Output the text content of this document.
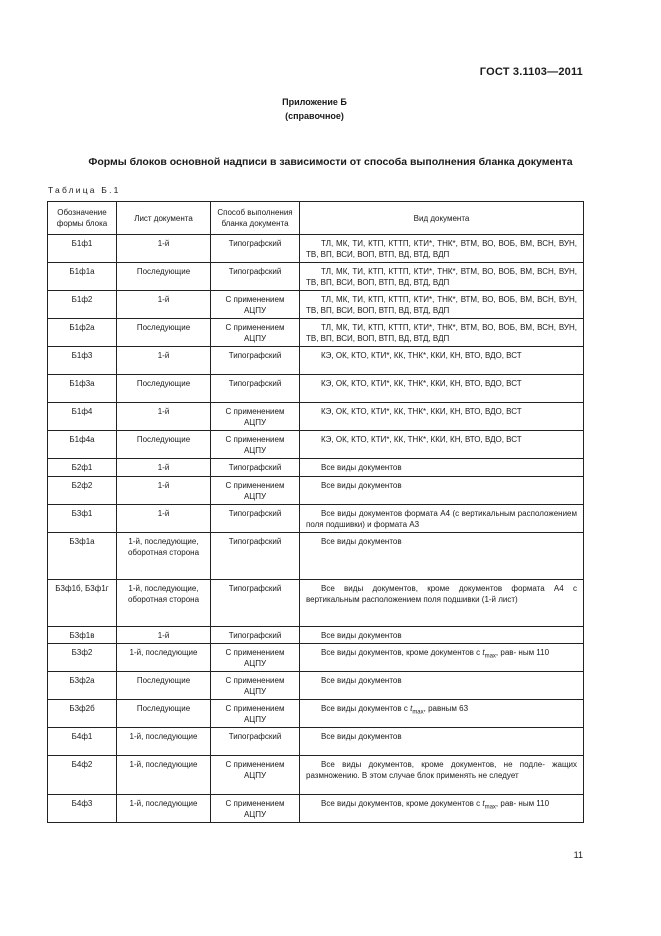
ГОСТ 3.1103—2011
Приложение Б
(справочное)
Формы блоков основной надписи в зависимости от способа выполнения бланка документа
Таблица Б.1
Обозначение формы блока	Лист документа	Способ выполнения бланка документа	Вид документа
Б1ф1	1-й	Типографский	ТЛ, МК, ТИ, КТП, КТТП, КТИ*, ТНК*, ВТМ, ВО, ВОБ, ВМ, ВСН, ВУН, ТВ, ВП, ВСИ, ВОП, ВТП, ВД, ВТД, ВДП
Б1ф1а	Последующие	Типографский	ТЛ, МК, ТИ, КТП, КТТП, КТИ*, ТНК*, ВТМ, ВО, ВОБ, ВМ, ВСН, ВУН, ТВ, ВП, ВСИ, ВОП, ВТП, ВД, ВТД, ВДП
Б1ф2	1-й	С применением АЦПУ	ТЛ, МК, ТИ, КТП, КТТП, КТИ*, ТНК*, ВТМ, ВО, ВОБ, ВМ, ВСН, ВУН, ТВ, ВП, ВСИ, ВОП, ВТП, ВД, ВТД, ВДП
Б1ф2а	Последующие	С применением АЦПУ	ТЛ, МК, ТИ, КТП, КТТП, КТИ*, ТНК*, ВТМ, ВО, ВОБ, ВМ, ВСН, ВУН, ТВ, ВП, ВСИ, ВОП, ВТП, ВД, ВТД, ВДП
Б1ф3	1-й	Типографский	КЭ, ОК, КТО, КТИ*, КК, ТНК*, ККИ, КН, ВТО, ВДО, ВСТ
Б1ф3а	Последующие	Типографский	КЭ, ОК, КТО, КТИ*, КК, ТНК*, ККИ, КН, ВТО, ВДО, ВСТ
Б1ф4	1-й	С применением АЦПУ	КЭ, ОК, КТО, КТИ*, КК, ТНК*, ККИ, КН, ВТО, ВДО, ВСТ
Б1ф4а	Последующие	С применением АЦПУ	КЭ, ОК, КТО, КТИ*, КК, ТНК*, ККИ, КН, ВТО, ВДО, ВСТ
Б2ф1	1-й	Типографский	Все виды документов
Б2ф2	1-й	С применением АЦПУ	Все виды документов
Б3ф1	1-й	Типографский	Все виды документов формата А4 (с вертикальным расположением поля подшивки) и формата А3
Б3ф1а	1-й, последующие, оборотная сторона	Типографский	Все виды документов
Б3ф1б, Б3ф1г	1-й, последующие, оборотная сторона	Типографский	Все виды документов, кроме документов формата А4 с вертикальным расположением поля подшивки (1-й лист)
Б3ф1в	1-й	Типографский	Все виды документов
Б3ф2	1-й, последующие	С применением АЦПУ	Все виды документов, кроме документов с $t_{max}$, рав- ным 110
Б3ф2а	Последующие	С применением АЦПУ	Все виды документов
Б3ф2б	Последующие	С применением АЦПУ	Все виды документов с $t_{max}$, равным 63
Б4ф1	1-й, последующие	Типографский	Все виды документов
Б4ф2	1-й, последующие	С применением АЦПУ	Все виды документов, кроме документов, не подле- жащих размножению. В этом случае блок применять не следует
Б4ф3	1-й, последующие	С применением АЦПУ	Все виды документов, кроме документов с $t_{max}$, рав- ным 110
11
